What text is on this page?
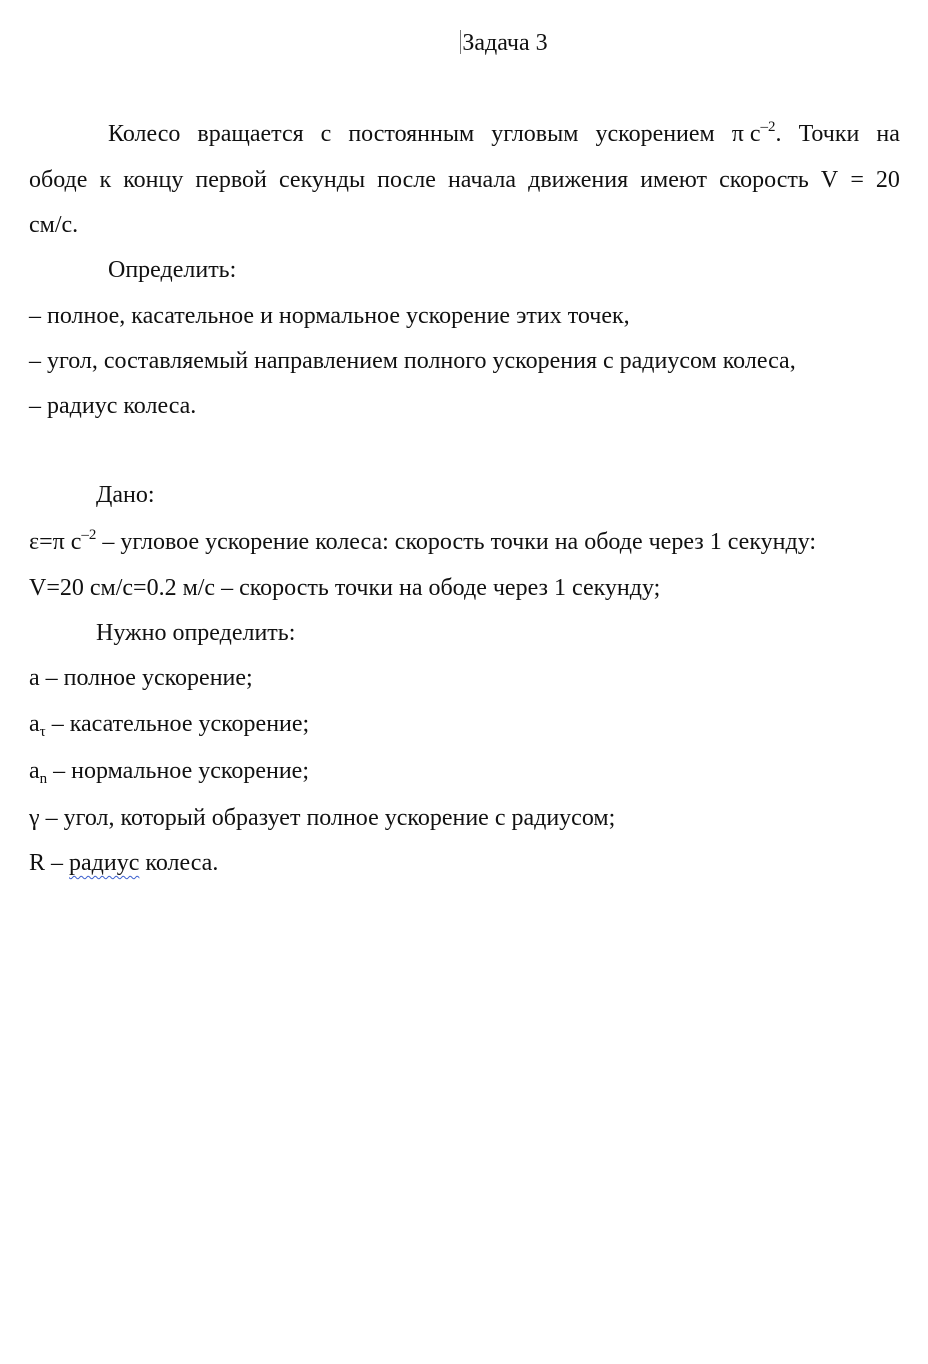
Задача 3
Колесо вращается с постоянным угловым ускорением π $с^{-2}$. Точки на
ободе к концу первой секунды после начала движения имеют скорость V = 20
см/с.
Определить:
– полное, касательное и нормальное ускорение этих точек,
– угол, составляемый направлением полного ускорения с радиусом колеса,
– радиус колеса.
Дано:
ε=π $с^{-2}$ – угловое ускорение колеса: скорость точки на ободе через 1 секунду:
V=20 см/с=0.2 м/с – скорость точки на ободе через 1 секунду;
Нужно определить:
а – полное ускорение;
$а_\tau$ – касательное ускорение;
$а_n$ – нормальное ускорение;
γ – угол, который образует полное ускорение с радиусом;
R – радиус колеса.
